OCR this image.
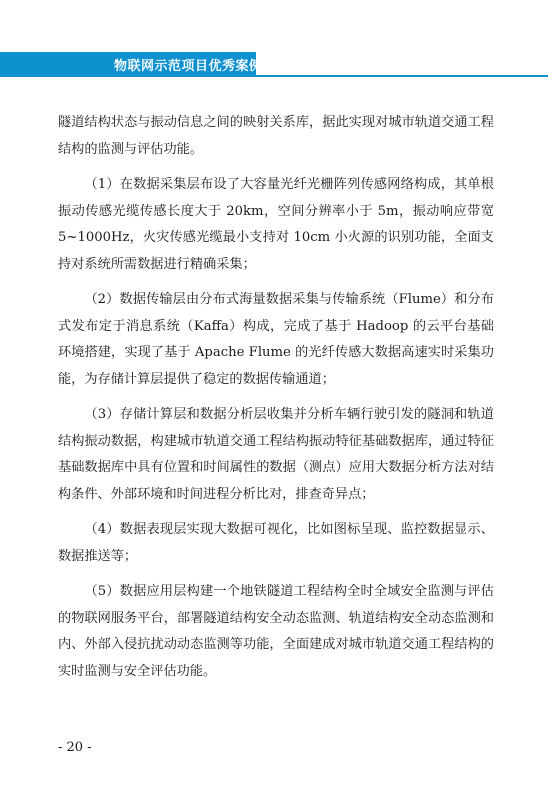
物联网示范项目优秀案例集

隧道结构状态与振动信息之间的映射关系库，据此实现对城市轨道交通工程结构的监测与评估功能。

（1）在数据采集层布设了大容量光纤光栅阵列传感网络构成，其单根振动传感光缆传感长度大于 20km，空间分辨率小于 5m，振动响应带宽 5~1000Hz，火灾传感光缆最小支持对 10cm 小火源的识别功能，全面支持对系统所需数据进行精确采集；

（2）数据传输层由分布式海量数据采集与传输系统（Flume）和分布式发布定于消息系统（Kaffa）构成，完成了基于 Hadoop 的云平台基础环境搭建，实现了基于 Apache Flume 的光纤传感大数据高速实时采集功能，为存储计算层提供了稳定的数据传输通道；

（3）存储计算层和数据分析层收集并分析车辆行驶引发的隧洞和轨道结构振动数据，构建城市轨道交通工程结构振动特征基础数据库，通过特征基础数据库中具有位置和时间属性的数据（测点）应用大数据分析方法对结构条件、外部环境和时间进程分析比对，排查奇异点；

（4）数据表现层实现大数据可视化，比如图标呈现、监控数据显示、数据推送等；

（5）数据应用层构建一个地铁隧道工程结构全时全域安全监测与评估的物联网服务平台，部署隧道结构安全动态监测、轨道结构安全动态监测和内、外部入侵抗扰动动态监测等功能，全面建成对城市轨道交通工程结构的实时监测与安全评估功能。

- 20 -
